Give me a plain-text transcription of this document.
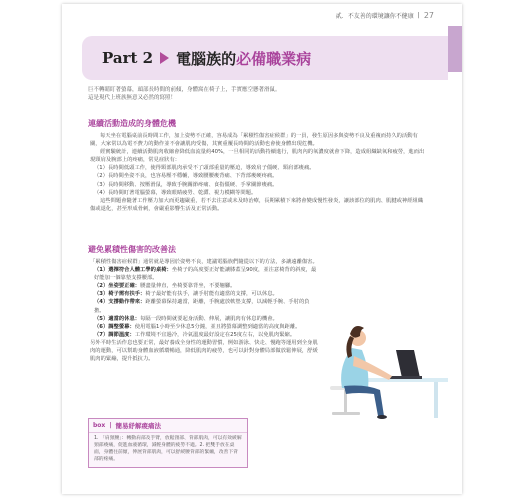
貳．不友善的環境讓你不健康 | 27
Part 2 電腦族的必備職業病

巨不轉睛盯著螢幕，頭部長時間的前傾，身體窩在椅子上，手實應空懸著滑鼠。

這是現代上班族無意又必然的寫照！

連續活動造成的身體危機

每天坐在電腦桌前長時間工作，加上姿勢不正確，容易成為「累積性傷害症候群」的一員，發生原因多與姿勢不良及重複而持久的活動有關，大家常以為電不費力的動作並不會讓肌肉受傷，其實重覆長時間的活動也會使身體出現危機。

經實驗統計，連續活動肌肉收縮會降低血流量約40%，一旦相同的活動持續進行，肌肉內的氧濃度就會下降，造成組織缺氧和疲勞，進而出現頸肩及腕部上的疼痛，常見症狀有：

（1）長時間低頭工作，使得頸部肌肉承受不了頭部重量的壓迫，導致肩子僵硬、頸肩部痠痛。

（2）長時間坐姿不良，也容易壓不穩輔，導致腰腰痠背痛、下背部痠硬疼痛。

（3）長時間移動、按壓滑鼠，導致手腕關節疼痛、食指僵硬、手掌關節痠痛。

（4）長時間盯著電腦螢幕，導致眼睛疲勞、乾澀、視力模糊等問題。

這些問題會隨著工作壓力加大而更趨嚴重，若不去注意或未及時治療，長期累積下來將會變成慢性發炎，讓該部位的肌肉、肌腱或神經組織傷或退化，甚至形成骨刺，會嚴重影響生活及正常活動。

避免累積性傷害的改善法

「累積性傷害症候群」通常就是導因於姿勢不良，建議電腦族們隨從以下的方法，多讓遠離傷害。

（1）選擇符合人體工學的桌椅：坐椅子的高度要正好能讓膝蓋呈90度，並注意椅背的斜度，最好能加一個靠墊支撐腰部。

（2）坐姿要正確：腰盡量伸直，坐椅要靠背坐，不要翹腳。

（3）椅子需有扶手：椅子最好能有扶手，讓手肘能有適當的支撐，可以休息。

（4）支撐動作帶來：距離螢幕保持適當，距離，手腕處放軟墊支撐，以減輕手腕、手肘的負擔。

（5）適當的休息：每隔一段時間就要起身活動、伸展，讓肌肉有休息的機會。

（6）調整螢幕：使用電腦1小時至少休息5分鐘，並且將螢幕調整到適當的高度與距離。

（7）調節溫度：工作環境不宜過冷，冷氣溫度最好設定在25度左右，以免肌肉緊縮。

另外平時生活作息也要正常，最好養成全身性的運動習慣，例如游泳、快走、慢跑等運用到全身肌肉的運動，可以幫助身體血液循環暢通，降低肌肉的疲勞，也可以針對身體局部做放鬆伸展，舒緩肌肉的緊繃，提升抵抗力。

box | 簡易紓解痠痛法
1. 「肩頸腰」：轉動肩部及手臂，放鬆頸部、背部肌肉，可以有效緩解頸部痠痛，促進血液循環，減輕身體的疲勞不適。2. 把雙手放在桌面，身體往前傾，伸展背部肌肉，可以舒緩腰背部的緊繃，改善下背部的疼痛。
